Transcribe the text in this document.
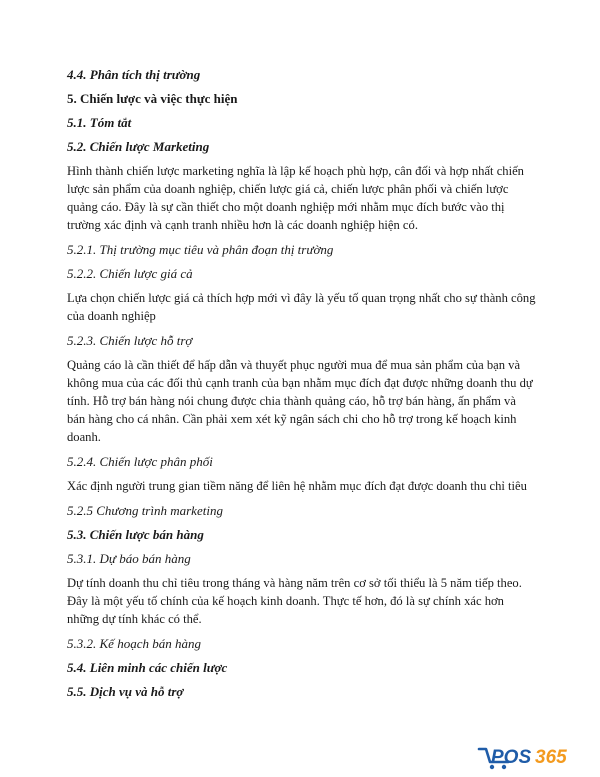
4.4. Phân tích thị trường
5. Chiến lược và việc thực hiện
5.1. Tóm tắt
5.2. Chiến lược Marketing
Hình thành chiến lược marketing nghĩa là lập kế hoạch phù hợp, cân đối và hợp nhất chiến lược sản phẩm của doanh nghiệp, chiến lược giá cả, chiến lược phân phối và chiến lược quảng cáo. Đây là sự cần thiết cho một doanh nghiệp mới nhằm mục đích bước vào thị trường xác định và cạnh tranh nhiều hơn là các doanh nghiệp hiện có.
5.2.1. Thị trường mục tiêu và phân đoạn thị trường
5.2.2. Chiến lược giá cả
Lựa chọn chiến lược giá cả thích hợp mới vì đây là yếu tố quan trọng nhất cho sự thành công của doanh nghiệp
5.2.3. Chiến lược hỗ trợ
Quảng cáo là cần thiết để hấp dẫn và thuyết phục người mua để mua sản phẩm của bạn và không mua của các đối thủ cạnh tranh của bạn nhằm mục đích đạt được những doanh thu dự tính. Hỗ trợ bán hàng nói chung được chia thành quảng cáo, hỗ trợ bán hàng, ấn phẩm và bán hàng cho cá nhân. Cần phải xem xét kỹ ngân sách chi cho hỗ trợ trong kế hoạch kinh doanh.
5.2.4. Chiến lược phân phối
Xác định người trung gian tiềm năng để liên hệ nhằm mục đích đạt được doanh thu chỉ tiêu
5.2.5 Chương trình marketing
5.3. Chiến lược bán hàng
5.3.1. Dự báo bán hàng
Dự tính doanh thu chỉ tiêu trong tháng và hàng năm trên cơ sở tối thiểu là 5 năm tiếp theo. Đây là một yếu tố chính của kế hoạch kinh doanh. Thực tế hơn, đó là sự chính xác hơn những dự tính khác có thể.
5.3.2. Kế hoạch bán hàng
5.4. Liên minh các chiến lược
5.5. Dịch vụ và hỗ trợ
POS 365
